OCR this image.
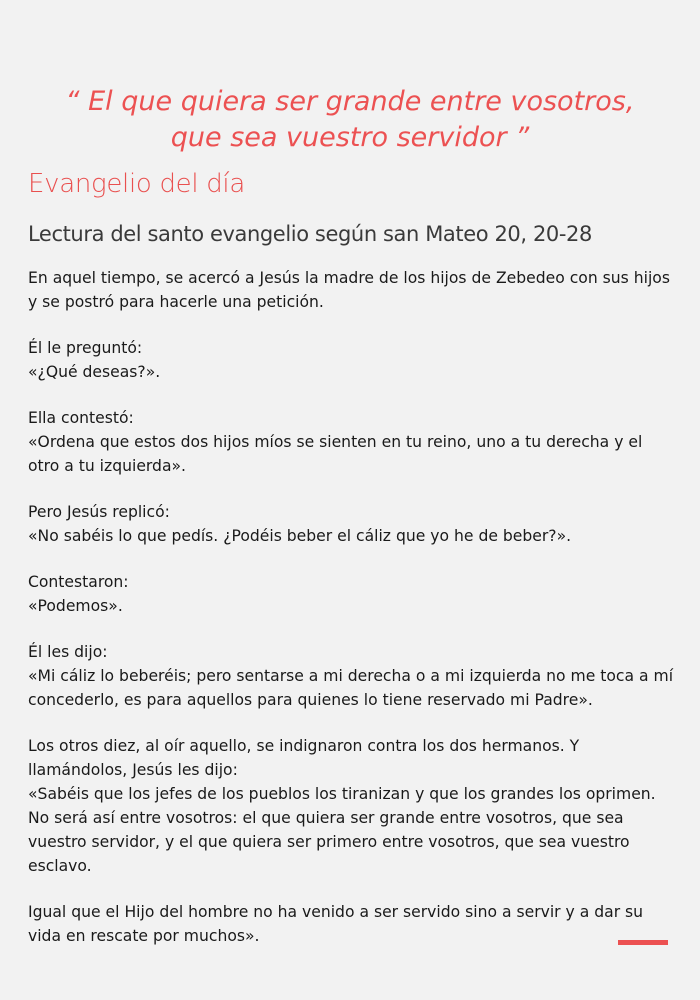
“ El que quiera ser grande entre vosotros,
que sea vuestro servidor ”
Evangelio del día
Lectura del santo evangelio según san Mateo 20, 20-28

En aquel tiempo, se acercó a Jesús la madre de los hijos de Zebedeo con sus hijos y se postró para hacerle una petición.

Él le preguntó:
«¿Qué deseas?».

Ella contestó:
«Ordena que estos dos hijos míos se sienten en tu reino, uno a tu derecha y el otro a tu izquierda».

Pero Jesús replicó:
«No sabéis lo que pedís. ¿Podéis beber el cáliz que yo he de beber?».

Contestaron:
«Podemos».

Él les dijo:
«Mi cáliz lo beberéis; pero sentarse a mi derecha o a mi izquierda no me toca a mí concederlo, es para aquellos para quienes lo tiene reservado mi Padre».

Los otros diez, al oír aquello, se indignaron contra los dos hermanos. Y llamándolos, Jesús les dijo:
«Sabéis que los jefes de los pueblos los tiranizan y que los grandes los oprimen. No será así entre vosotros: el que quiera ser grande entre vosotros, que sea vuestro servidor, y el que quiera ser primero entre vosotros, que sea vuestro esclavo.

Igual que el Hijo del hombre no ha venido a ser servido sino a servir y a dar su vida en rescate por muchos».
